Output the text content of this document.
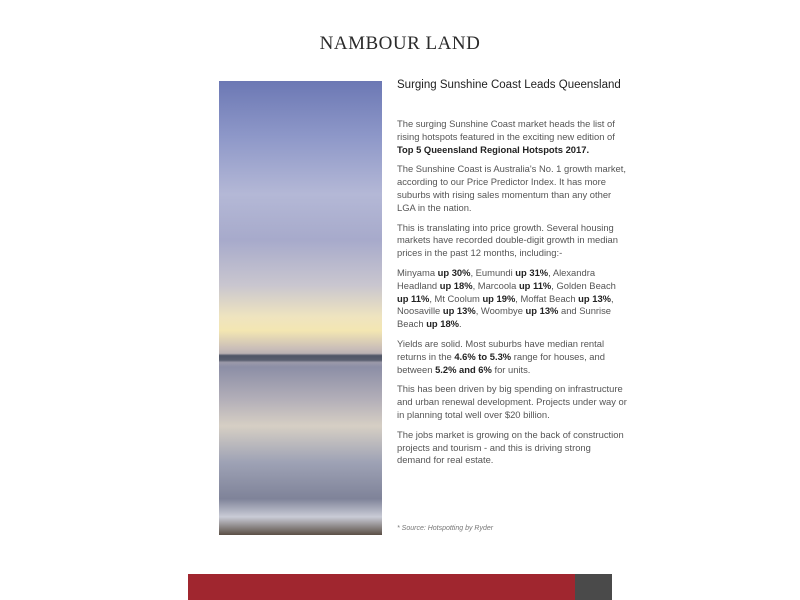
NAMBOUR LAND
Surging Sunshine Coast Leads Queensland

The surging Sunshine Coast market heads the list of rising hotspots featured in the exciting new edition of Top 5 Queensland Regional Hotspots 2017.

The Sunshine Coast is Australia's No. 1 growth market, according to our Price Predictor Index. It has more suburbs with rising sales momentum than any other LGA in the nation.

This is translating into price growth. Several housing markets have recorded double-digit growth in median prices in the past 12 months, including:-

Minyama up 30%, Eumundi up 31%, Alexandra Headland up 18%, Marcoola up 11%, Golden Beach up 11%, Mt Coolum up 19%, Moffat Beach up 13%, Noosaville up 13%, Woombye up 13% and Sunrise Beach up 18%.

Yields are solid. Most suburbs have median rental returns in the 4.6% to 5.3% range for houses, and between 5.2% and 6% for units.

This has been driven by big spending on infrastructure and urban renewal development. Projects under way or in planning total well over $20 billion.

The jobs market is growing on the back of construction projects and tourism - and this is driving strong demand for real estate.

* Source: Hotspotting by Ryder
